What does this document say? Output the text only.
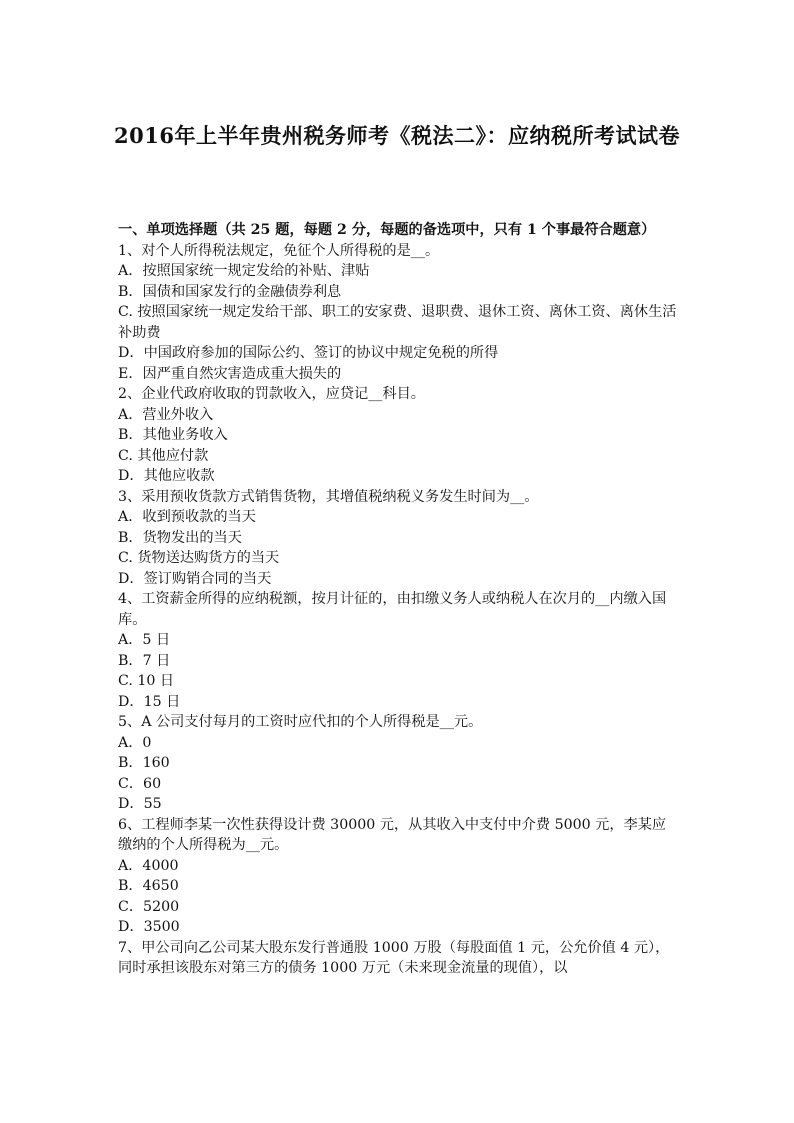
2016年上半年贵州税务师考《税法二》：应纳税所考试试卷
一、单项选择题（共 25 题，每题 2 分，每题的备选项中，只有 1 个事最符合题意）
1、对个人所得税法规定，免征个人所得税的是__。
A．按照国家统一规定发给的补贴、津贴
B．国债和国家发行的金融债券利息
C. 按照国家统一规定发给干部、职工的安家费、退职费、退休工资、离休工资、离休生活补助费
D．中国政府参加的国际公约、签订的协议中规定免税的所得
E．因严重自然灾害造成重大损失的
2、企业代政府收取的罚款收入，应贷记__科目。
A．营业外收入
B．其他业务收入
C. 其他应付款
D．其他应收款
3、采用预收货款方式销售货物，其增值税纳税义务发生时间为__。
A．收到预收款的当天
B．货物发出的当天
C. 货物送达购货方的当天
D．签订购销合同的当天
4、工资薪金所得的应纳税额，按月计征的，由扣缴义务人或纳税人在次月的__内缴入国库。
A．5 日
B．7 日
C. 10 日
D．15 日
5、A 公司支付每月的工资时应代扣的个人所得税是__元。
A．0
B．160
C．60
D．55
6、工程师李某一次性获得设计费 30000 元，从其收入中支付中介费 5000 元，李某应缴纳的个人所得税为__元。
A．4000
B．4650
C．5200
D．3500
7、甲公司向乙公司某大股东发行普通股 1000 万股（每股面值 1 元，公允价值 4 元），同时承担该股东对第三方的债务 1000 万元（未来现金流量的现值），以
